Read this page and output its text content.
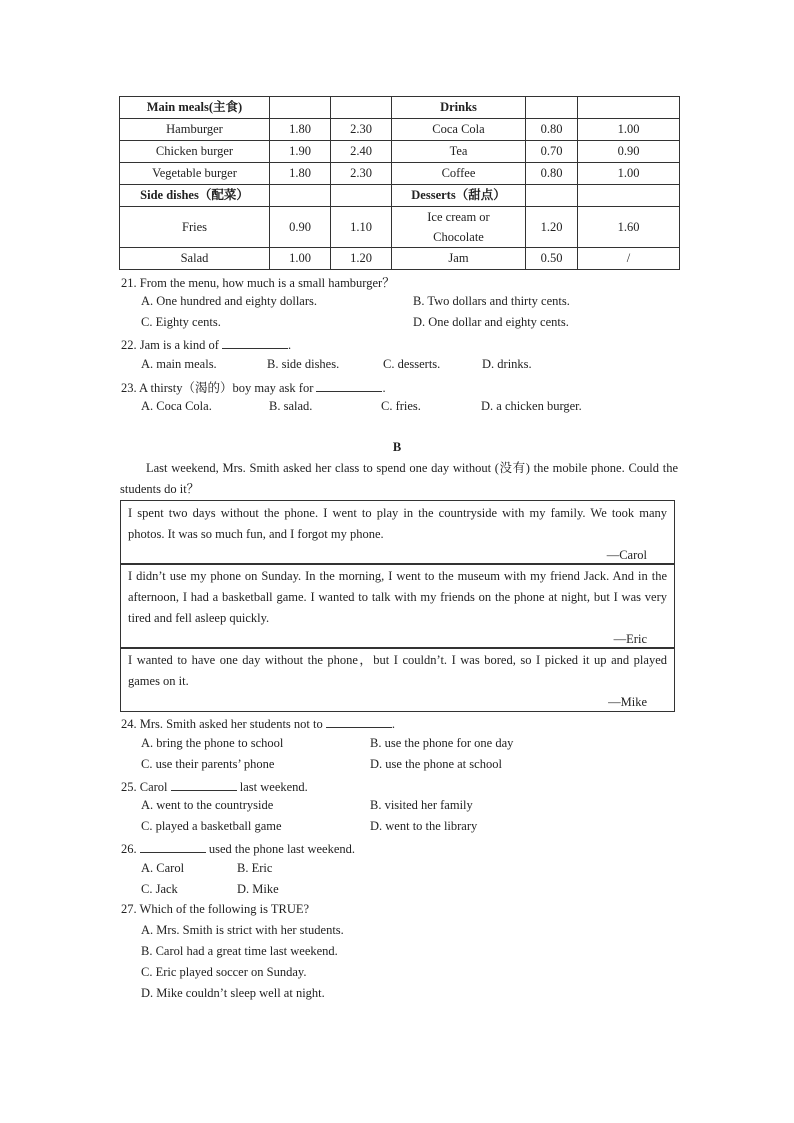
Main meals(主食)			Drinks		
Hamburger	1.80	2.30	Coca Cola	0.80	1.00
Chicken burger	1.90	2.40	Tea	0.70	0.90
Vegetable burger	1.80	2.30	Coffee	0.80	1.00
Side dishes（配菜）			Desserts（甜点）		
Fries	0.90	1.10	Ice cream or Chocolate	1.20	1.60
Salad	1.00	1.20	Jam	0.50	/
21. From the menu, how much is a small hamburger？
A. One hundred and eighty dollars.	B. Two dollars and thirty cents.
C. Eighty cents.	D. One dollar and eighty cents.
22. Jam is a kind of	.
A. main meals.	B. side dishes.	C. desserts.	D. drinks.
23. A thirsty（渴的）boy may ask for	.
A. Coca Cola.	B. salad.	C. fries.	D. a chicken burger.
B
Last weekend, Mrs. Smith asked her class to spend one day without (没有) the mobile phone. Could the students do it？
I spent two days without the phone. I went to play in the countryside with my family. We took many photos. It was so much fun, and I forgot my phone.
—Carol
I didn’t use my phone on Sunday. In the morning, I went to the museum with my friend Jack. And in the afternoon, I had a basketball game. I wanted to talk with my friends on the phone at night, but I was very tired and fell asleep quickly.
—Eric
I wanted to have one day without the phone，but I couldn’t. I was bored, so I picked it up and played games on it.
—Mike
24. Mrs. Smith asked her students not to	.
A. bring the phone to school	B. use the phone for one day
C. use their parents’ phone	D. use the phone at school
25. Carol	last weekend.
A. went to the countryside	B. visited her family
C. played a basketball game	D. went to the library
26.	used the phone last weekend.
A. Carol	B. Eric
C. Jack	D. Mike
27. Which of the following is TRUE?
A. Mrs. Smith is strict with her students.
B. Carol had a great time last weekend.
C. Eric played soccer on Sunday.
D. Mike couldn’t sleep well at night.
